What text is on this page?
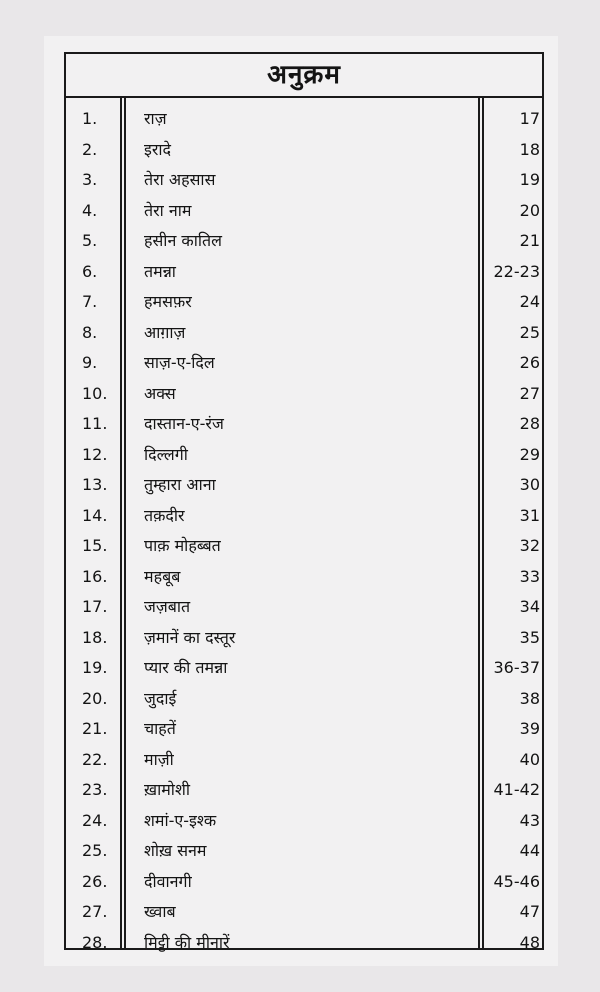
अनुक्रम
1.	राज़	17
2.	इरादे	18
3.	तेरा अहसास	19
4.	तेरा नाम	20
5.	हसीन कातिल	21
6.	तमन्ना	22-23
7.	हमसफ़र	24
8.	आग़ाज़	25
9.	साज़-ए-दिल	26
10.	अक्स	27
11.	दास्तान-ए-रंज	28
12.	दिल्लगी	29
13.	तुम्हारा आना	30
14.	तक़दीर	31
15.	पाक़ मोहब्बत	32
16.	महबूब	33
17.	जज़बात	34
18.	ज़मानें का दस्तूर	35
19.	प्यार की तमन्ना	36-37
20.	जुदाई	38
21.	चाहतें	39
22.	माज़ी	40
23.	ख़ामोशी	41-42
24.	शमां-ए-इश्क	43
25.	शोख़ सनम	44
26.	दीवानगी	45-46
27.	ख्वाब	47
28.	मिट्टी की मीनारें	48
